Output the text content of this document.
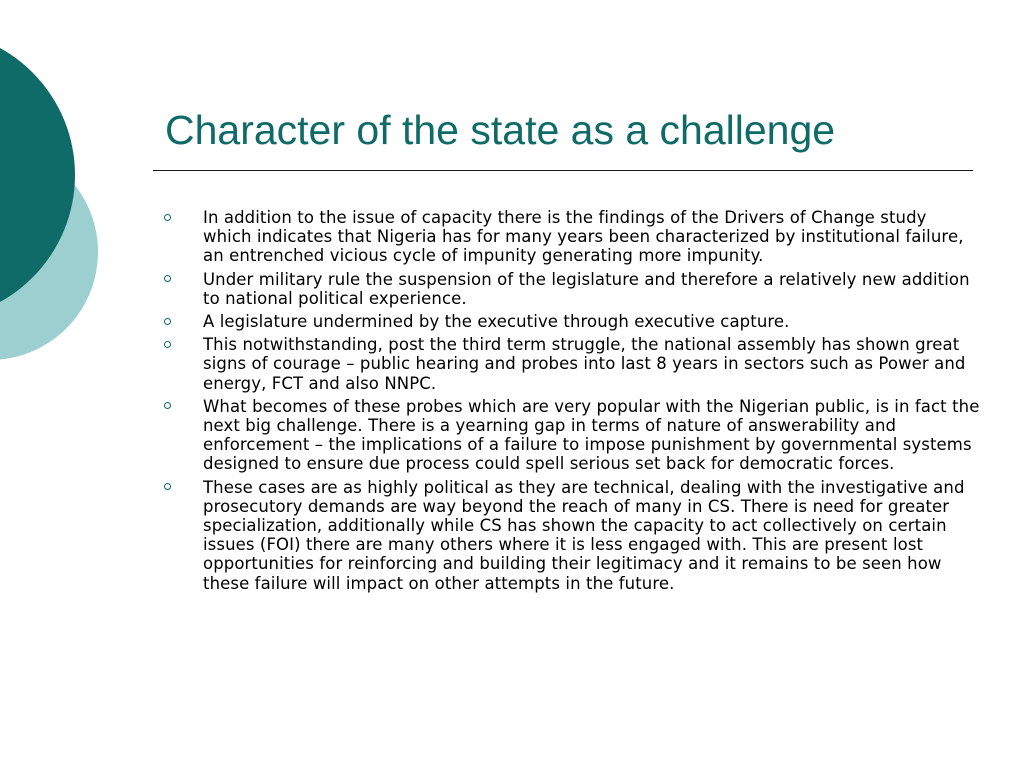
Character of the state as a challenge
In addition to the issue of capacity there is the findings of the Drivers of Change study which indicates that Nigeria has for many years been characterized by institutional failure, an entrenched vicious cycle of impunity generating more impunity.
Under military rule the suspension of the legislature and therefore a relatively new addition to national political experience.
A legislature undermined by the executive through executive capture.
This notwithstanding, post the third term struggle, the national assembly has shown great signs of courage – public hearing and probes into last 8 years in sectors such as Power and energy, FCT and also NNPC.
What becomes of these probes which are very popular with the Nigerian public, is in fact the next big challenge. There is a yearning gap in terms of nature of answerability and enforcement – the implications of a failure to impose punishment by governmental systems designed to ensure due process could spell serious set back for democratic forces.
These cases are as highly political as they are technical, dealing with the investigative and prosecutory demands are way beyond the reach of many in CS. There is need for greater specialization, additionally while CS has shown the capacity to act collectively on certain issues (FOI) there are many others where it is less engaged with. This are present lost opportunities for reinforcing and building their legitimacy and it remains to be seen how these failure will impact on other attempts in the future.
